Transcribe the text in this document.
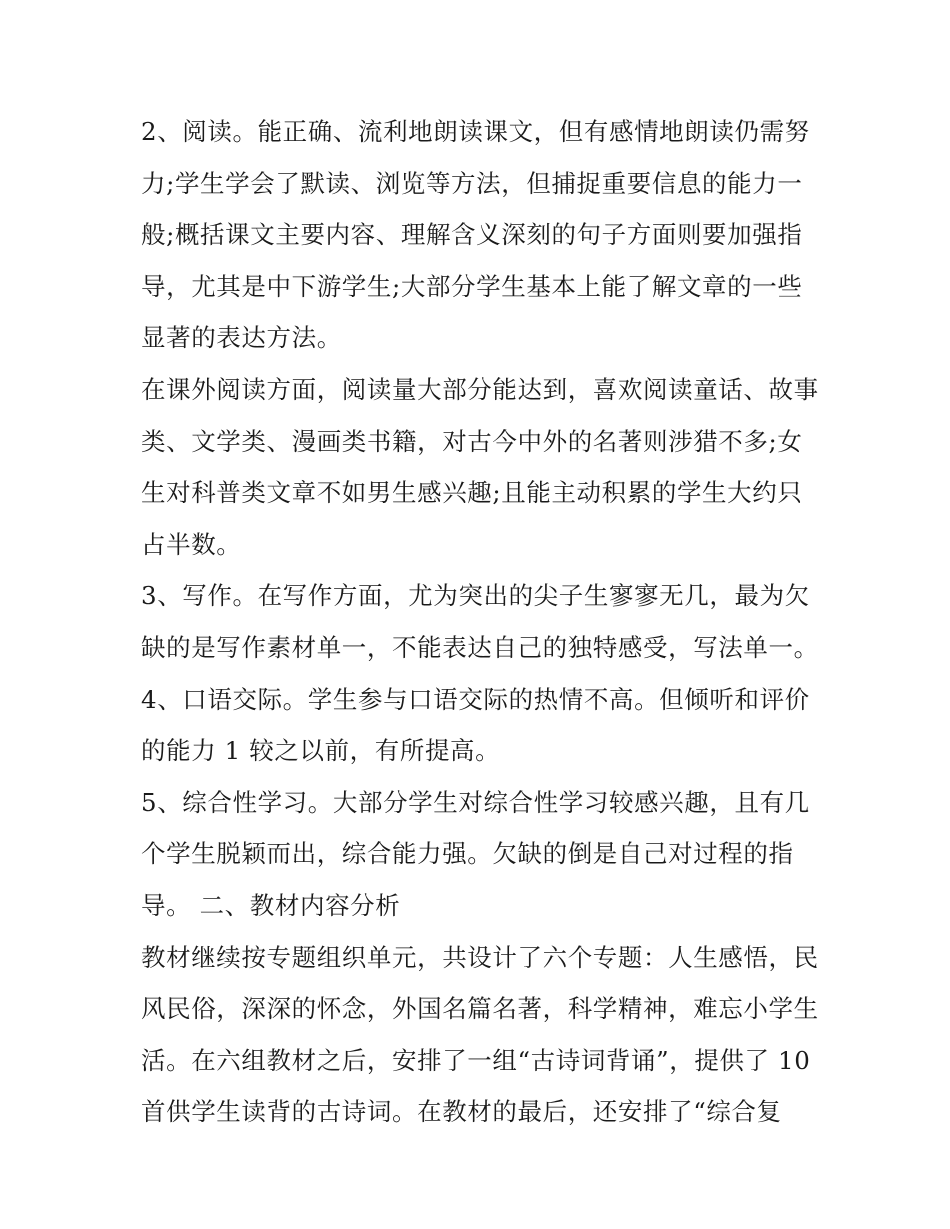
2、阅读。能正确、流利地朗读课文，但有感情地朗读仍需努
力;学生学会了默读、浏览等方法，但捕捉重要信息的能力一
般;概括课文主要内容、理解含义深刻的句子方面则要加强指
导，尤其是中下游学生;大部分学生基本上能了解文章的一些
显著的表达方法。

在课外阅读方面，阅读量大部分能达到，喜欢阅读童话、故事
类、文学类、漫画类书籍，对古今中外的名著则涉猎不多;女
生对科普类文章不如男生感兴趣;且能主动积累的学生大约只
占半数。

3、写作。在写作方面，尤为突出的尖子生寥寥无几，最为欠
缺的是写作素材单一，不能表达自己的独特感受，写法单一。

4、口语交际。学生参与口语交际的热情不高。但倾听和评价
的能力 1 较之以前，有所提高。

5、综合性学习。大部分学生对综合性学习较感兴趣，且有几
个学生脱颖而出，综合能力强。欠缺的倒是自己对过程的指
导。 二、教材内容分析

教材继续按专题组织单元，共设计了六个专题：人生感悟，民
风民俗，深深的怀念，外国名篇名著，科学精神，难忘小学生
活。在六组教材之后，安排了一组“古诗词背诵”，提供了 10
首供学生读背的古诗词。在教材的最后，还安排了“综合复
